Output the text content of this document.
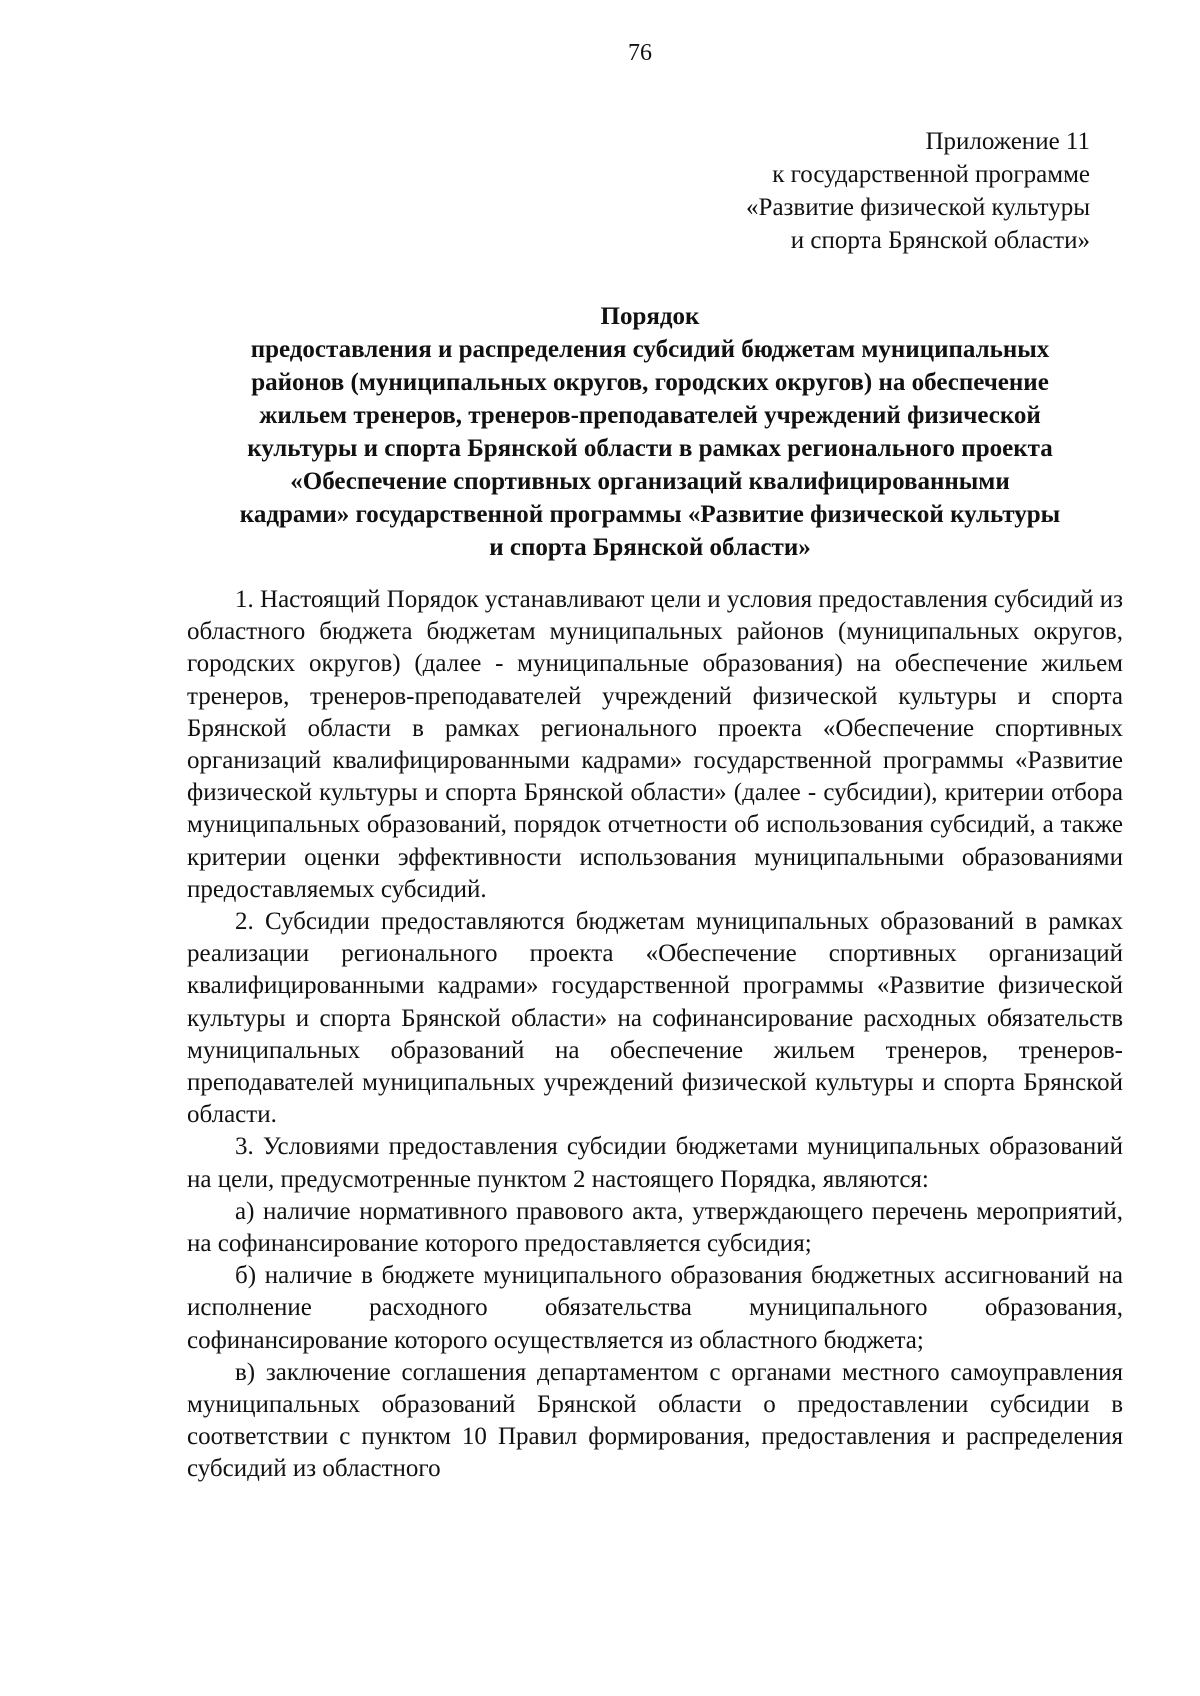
76
Приложение 11
к государственной программе
«Развитие физической культуры
и спорта Брянской области»
Порядок
предоставления и распределения субсидий бюджетам муниципальных
районов (муниципальных округов, городских округов) на обеспечение
жильем тренеров, тренеров-преподавателей учреждений физической
культуры и спорта Брянской области в рамках регионального проекта
«Обеспечение спортивных организаций квалифицированными
кадрами» государственной программы «Развитие физической культуры
и спорта Брянской области»

1. Настоящий Порядок устанавливают цели и условия предоставления субсидий из областного бюджета бюджетам муниципальных районов (муниципальных округов, городских округов) (далее - муниципальные образования) на обеспечение жильем тренеров, тренеров-преподавателей учреждений физической культуры и спорта Брянской области в рамках регионального проекта «Обеспечение спортивных организаций квалифицированными кадрами» государственной программы «Развитие физической культуры и спорта Брянской области» (далее - субсидии), критерии отбора муниципальных образований, порядок отчетности об использования субсидий, а также критерии оценки эффективности использования муниципальными образованиями предоставляемых субсидий.

2. Субсидии предоставляются бюджетам муниципальных образований в рамках реализации регионального проекта «Обеспечение спортивных организаций квалифицированными кадрами» государственной программы «Развитие физической культуры и спорта Брянской области» на софинансирование расходных обязательств муниципальных образований на обеспечение жильем тренеров, тренеров-преподавателей муниципальных учреждений физической культуры и спорта Брянской области.

3. Условиями предоставления субсидии бюджетами муниципальных образований на цели, предусмотренные пунктом 2 настоящего Порядка, являются:

а) наличие нормативного правового акта, утверждающего перечень мероприятий, на софинансирование которого предоставляется субсидия;

б) наличие в бюджете муниципального образования бюджетных ассигнований на исполнение расходного обязательства муниципального образования, софинансирование которого осуществляется из областного бюджета;

в) заключение соглашения департаментом с органами местного самоуправления муниципальных образований Брянской области о предоставлении субсидии в соответствии с пунктом 10 Правил формирования, предоставления и распределения субсидий из областного
